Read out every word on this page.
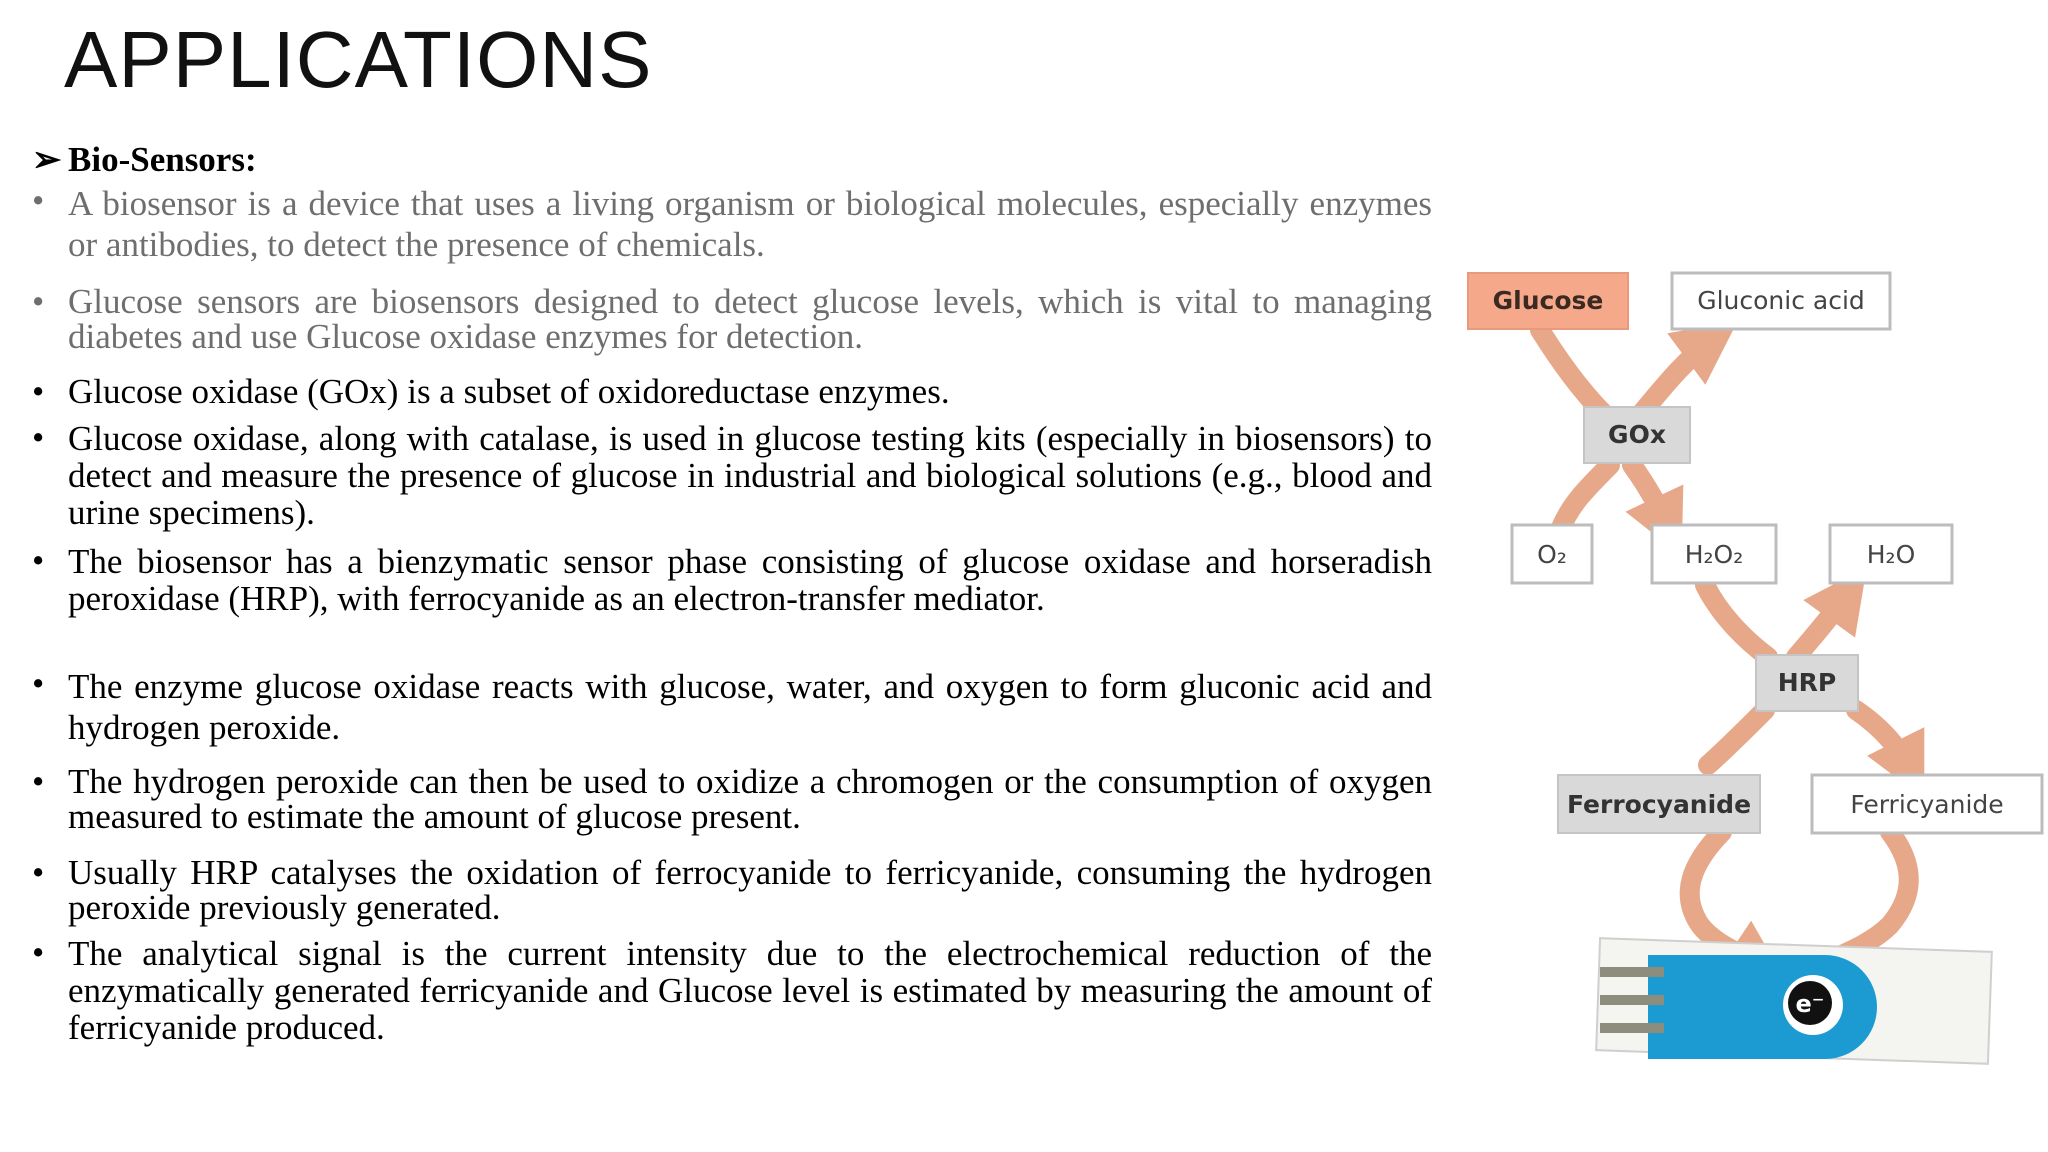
APPLICATIONS
➢ Bio-Sensors:
• A biosensor is a device that uses a living organism or biological molecules, especially enzymes or antibodies, to detect the presence of chemicals.
• Glucose sensors are biosensors designed to detect glucose levels, which is vital to managing diabetes and use Glucose oxidase enzymes for detection.
• Glucose oxidase (GOx) is a subset of oxidoreductase enzymes.
• Glucose oxidase, along with catalase, is used in glucose testing kits (especially in biosensors) to detect and measure the presence of glucose in industrial and biological solutions (e.g., blood and urine specimens).
• The biosensor has a bienzymatic sensor phase consisting of glucose oxidase and horseradish peroxidase (HRP), with ferrocyanide as an electron-transfer mediator.
• The enzyme glucose oxidase reacts with glucose, water, and oxygen to form gluconic acid and hydrogen peroxide.
• The hydrogen peroxide can then be used to oxidize a chromogen or the consumption of oxygen measured to estimate the amount of glucose present.
• Usually HRP catalyses the oxidation of ferrocyanide to ferricyanide, consuming the hydrogen peroxide previously generated.
• The analytical signal is the current intensity due to the electrochemical reduction of the enzymatically generated ferricyanide and Glucose level is estimated by measuring the amount of ferricyanide produced.
Glucose	Gluconic acid
GOx
O₂	H₂O₂	H₂O
HRP
Ferrocyanide	Ferricyanide
e⁻
